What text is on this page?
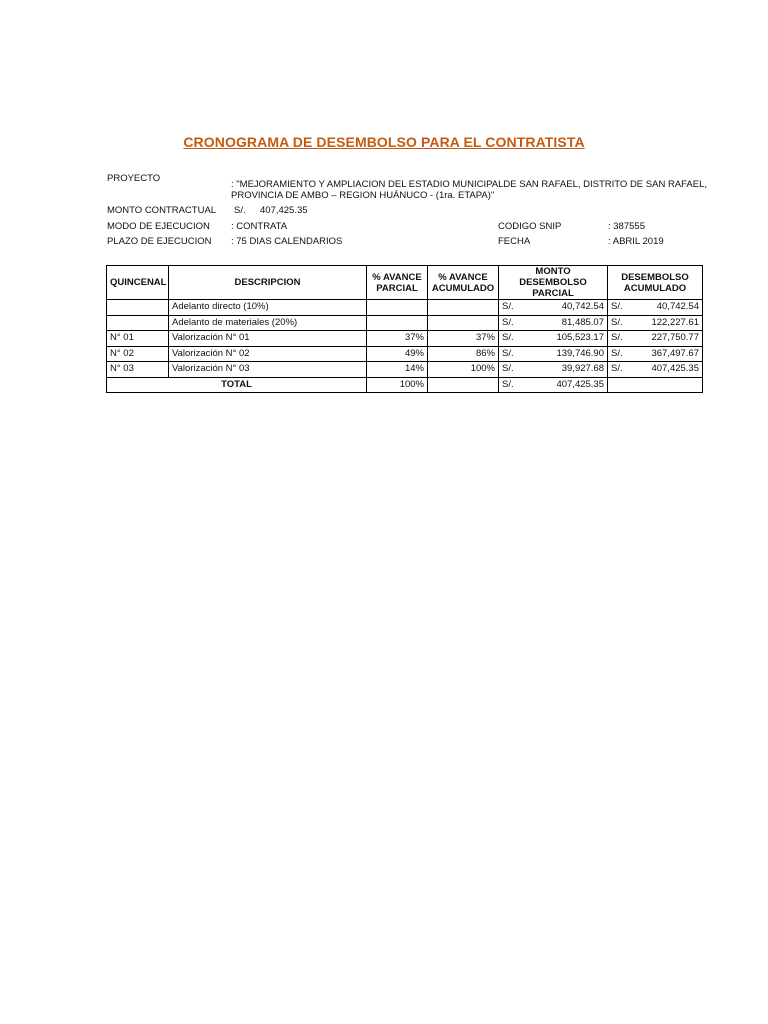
CRONOGRAMA DE DESEMBOLSO PARA EL CONTRATISTA
PROYECTO
: "MEJORAMIENTO Y AMPLIACION DEL ESTADIO MUNICIPALDE SAN RAFAEL, DISTRITO DE SAN RAFAEL, PROVINCIA DE AMBO – REGION HUÁNUCO - (1ra. ETAPA)"
MONTO CONTRACTUAL S/. 407,425.35
MODO DE EJECUCION : CONTRATA	CODIGO SNIP	: 387555
PLAZO DE EJECUCION : 75 DIAS CALENDARIOS	FECHA	: ABRIL 2019
QUINCENAL	DESCRIPCION	% AVANCE PARCIAL	% AVANCE ACUMULADO	MONTO DESEMBOLSO PARCIAL	DESEMBOLSO ACUMULADO
	Adelanto directo (10%)			S/. 40,742.54	S/. 40,742.54

	Adelanto de materiales (20%)			S/. 81,485.07	S/. 122,227.61

N° 01	Valorización N° 01	37%	37%	S/. 105,523.17	S/. 227,750.77

N° 02	Valorización N° 02	49%	86%	S/. 139,746.90	S/. 367,497.67

N° 03	Valorización N° 03	14%	100%	S/. 39,927.68	S/. 407,425.35

TOTAL		100%		S/. 407,425.35	
